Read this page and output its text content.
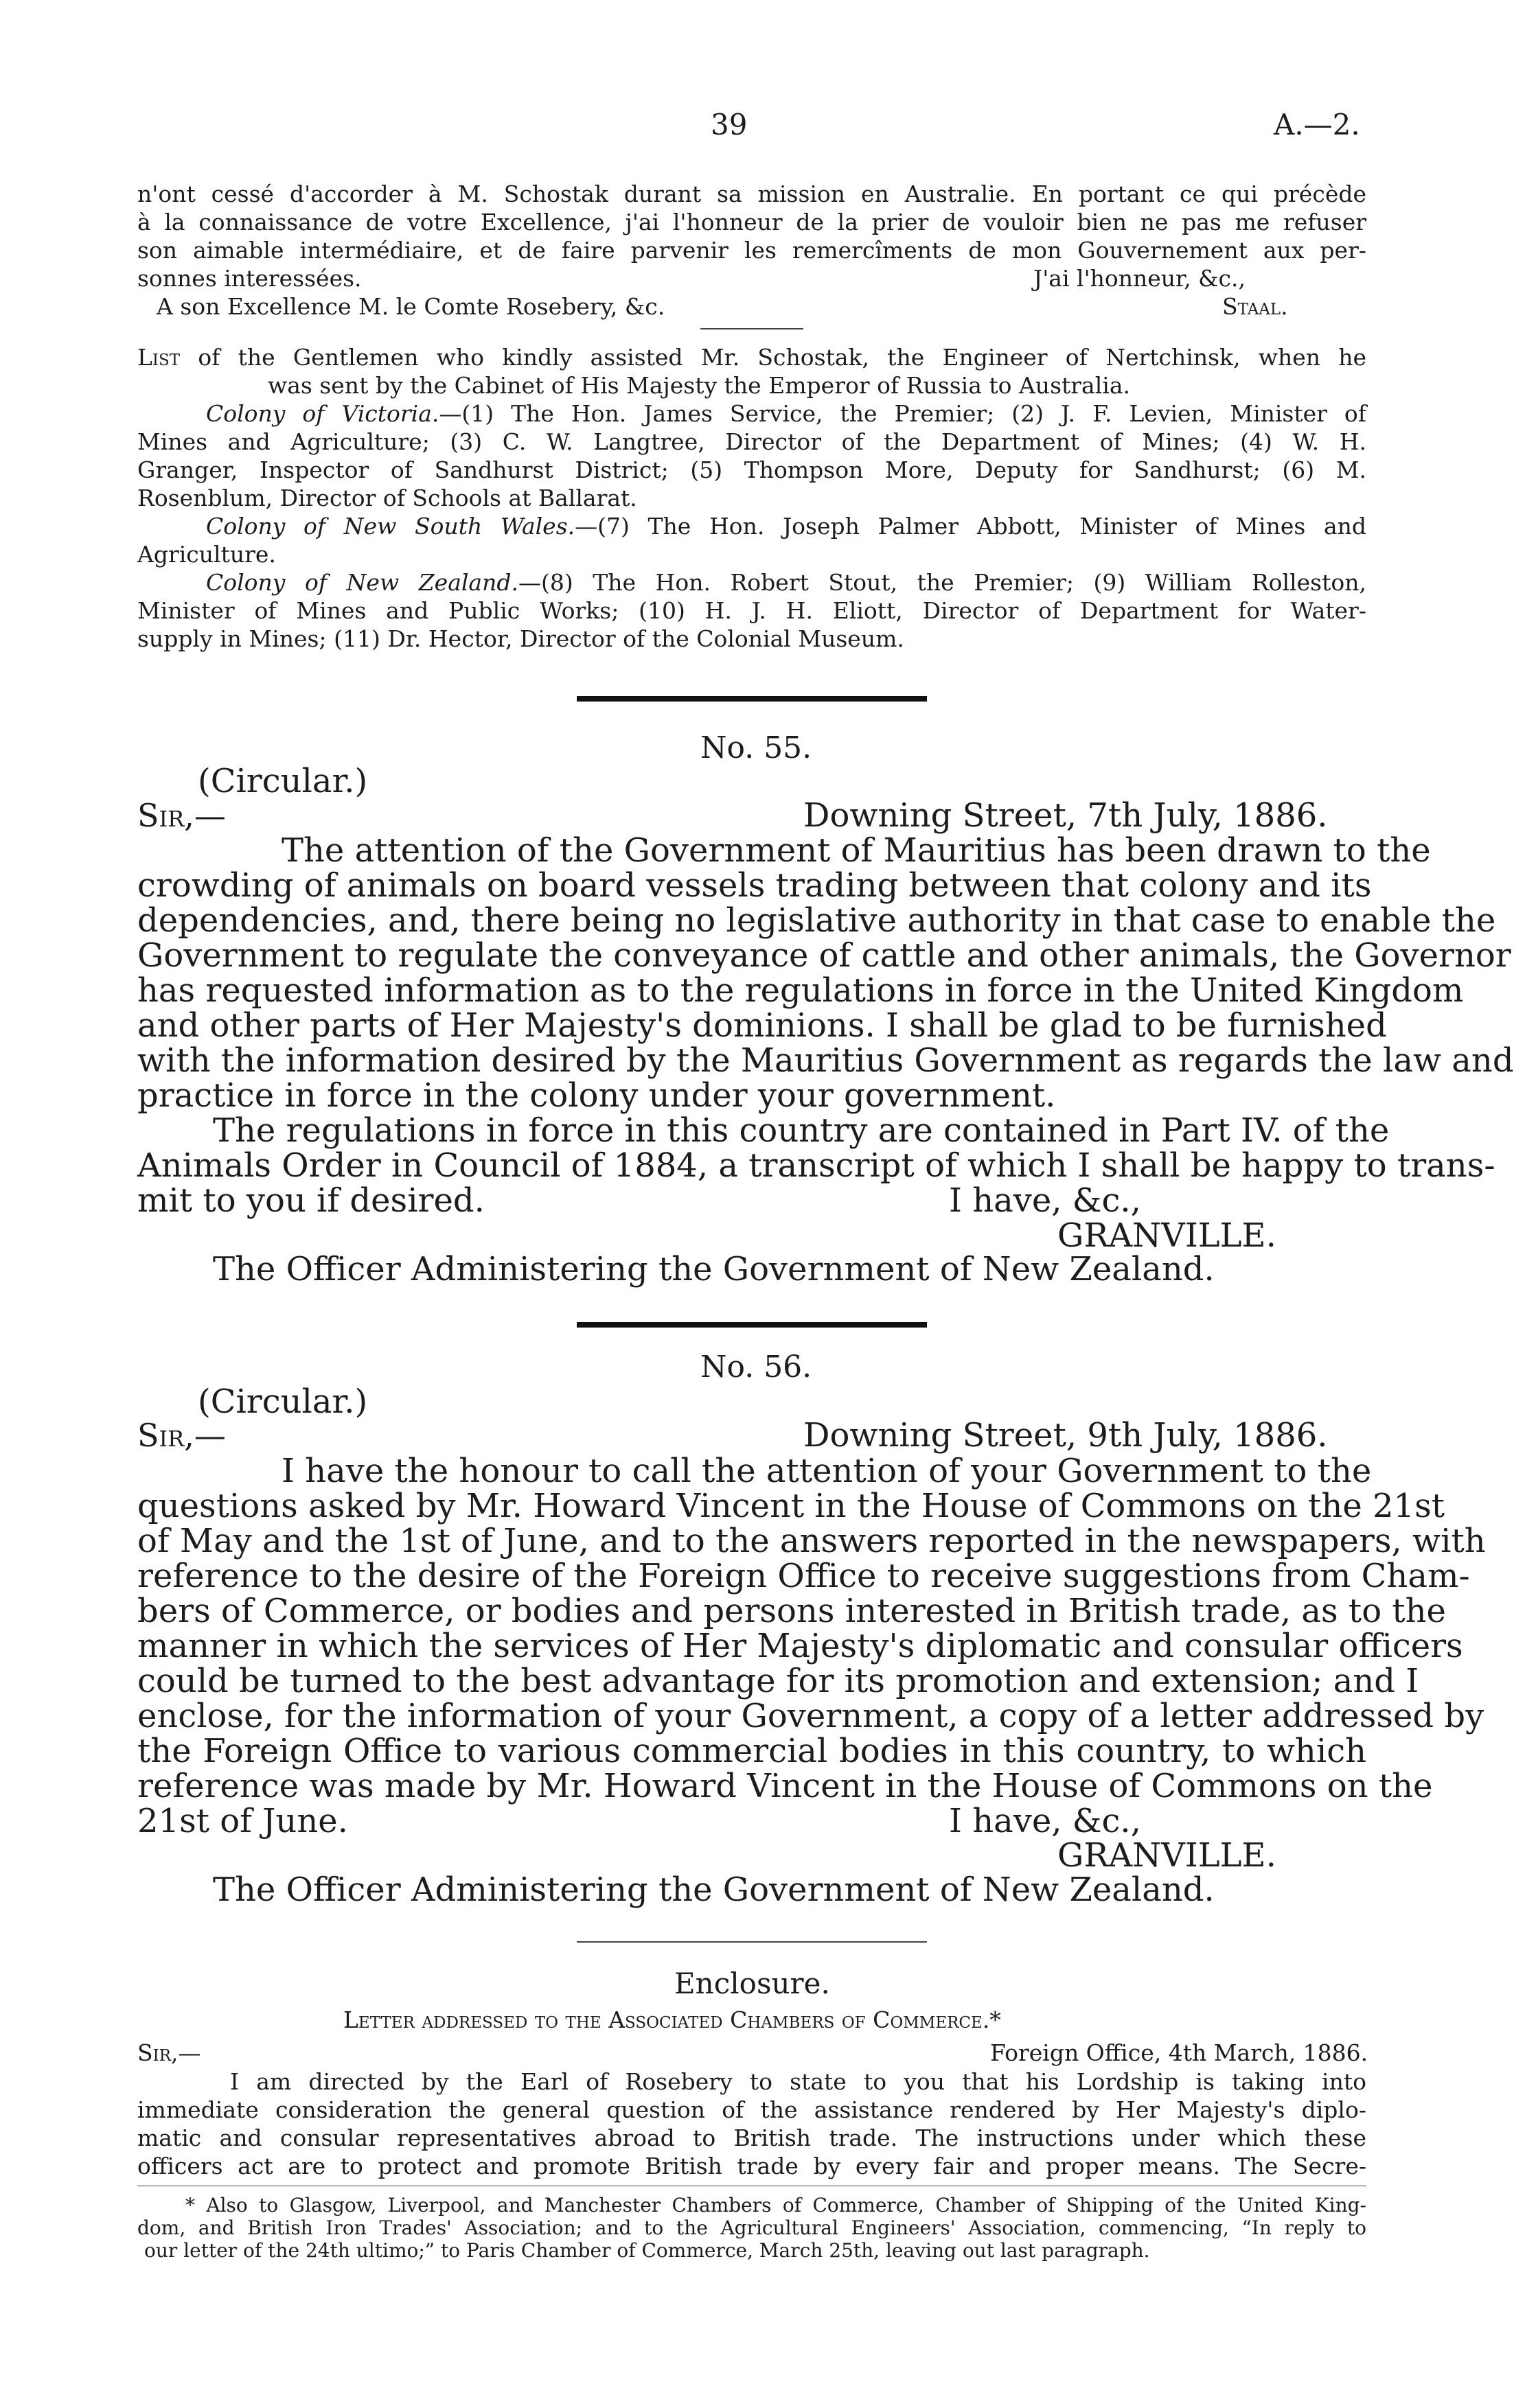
39	A.—2.
n'ont cessé d'accorder à M. Schostak durant sa mission en Australie. En portant ce qui précède
à la connaissance de votre Excellence, j'ai l'honneur de la prier de vouloir bien ne pas me refuser
son aimable intermédiaire, et de faire parvenir les remercîments de mon Gouvernement aux per-
sonnes interessées.	J'ai l'honneur, &c.,
A son Excellence M. le Comte Rosebery, &c.	Staal.
List of the Gentlemen who kindly assisted Mr. Schostak, the Engineer of Nertchinsk, when he
was sent by the Cabinet of His Majesty the Emperor of Russia to Australia.
Colony of Victoria.—(1) The Hon. James Service, the Premier; (2) J. F. Levien, Minister of
Mines and Agriculture; (3) C. W. Langtree, Director of the Department of Mines; (4) W. H.
Granger, Inspector of Sandhurst District; (5) Thompson More, Deputy for Sandhurst; (6) M.
Rosenblum, Director of Schools at Ballarat.
Colony of New South Wales.—(7) The Hon. Joseph Palmer Abbott, Minister of Mines and
Agriculture.
Colony of New Zealand.—(8) The Hon. Robert Stout, the Premier; (9) William Rolleston,
Minister of Mines and Public Works; (10) H. J. H. Eliott, Director of Department for Water-
supply in Mines; (11) Dr. Hector, Director of the Colonial Museum.
No. 55.
(Circular.)
Sir,—	Downing Street, 7th July, 1886.
The attention of the Government of Mauritius has been drawn to the
crowding of animals on board vessels trading between that colony and its
dependencies, and, there being no legislative authority in that case to enable the
Government to regulate the conveyance of cattle and other animals, the Governor
has requested information as to the regulations in force in the United Kingdom
and other parts of Her Majesty's dominions. I shall be glad to be furnished
with the information desired by the Mauritius Government as regards the law and
practice in force in the colony under your government.
The regulations in force in this country are contained in Part IV. of the
Animals Order in Council of 1884, a transcript of which I shall be happy to trans-
mit to you if desired.	I have, &c.,
GRANVILLE.
The Officer Administering the Government of New Zealand.
No. 56.
(Circular.)
Sir,—	Downing Street, 9th July, 1886.
I have the honour to call the attention of your Government to the
questions asked by Mr. Howard Vincent in the House of Commons on the 21st
of May and the 1st of June, and to the answers reported in the newspapers, with
reference to the desire of the Foreign Office to receive suggestions from Cham-
bers of Commerce, or bodies and persons interested in British trade, as to the
manner in which the services of Her Majesty's diplomatic and consular officers
could be turned to the best advantage for its promotion and extension; and I
enclose, for the information of your Government, a copy of a letter addressed by
the Foreign Office to various commercial bodies in this country, to which
reference was made by Mr. Howard Vincent in the House of Commons on the
21st of June.	I have, &c.,
GRANVILLE.
The Officer Administering the Government of New Zealand.
Enclosure.
Letter addressed to the Associated Chambers of Commerce.*
Sir,—	Foreign Office, 4th March, 1886.
I am directed by the Earl of Rosebery to state to you that his Lordship is taking into
immediate consideration the general question of the assistance rendered by Her Majesty's diplo-
matic and consular representatives abroad to British trade. The instructions under which these
officers act are to protect and promote British trade by every fair and proper means. The Secre-
* Also to Glasgow, Liverpool, and Manchester Chambers of Commerce, Chamber of Shipping of the United King-
dom, and British Iron Trades' Association; and to the Agricultural Engineers' Association, commencing, “In reply to
our letter of the 24th ultimo;” to Paris Chamber of Commerce, March 25th, leaving out last paragraph.
